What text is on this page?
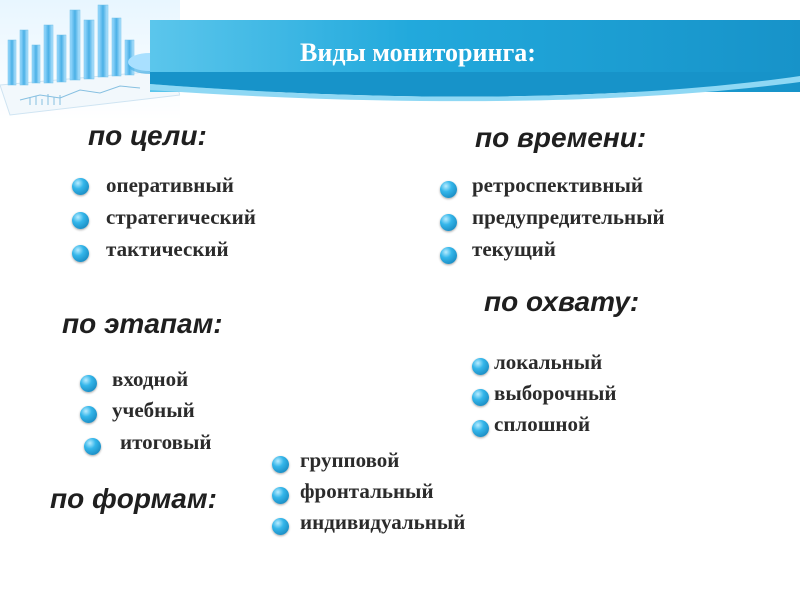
Виды мониторинга:
по цели:
оперативный
стратегический
тактический
по времени:
ретроспективный
предупредительный
текущий
по этапам:
входной
учебный
итоговый
по охвату:
локальный
выборочный
сплошной
по формам:
групповой
фронтальный
индивидуальный
